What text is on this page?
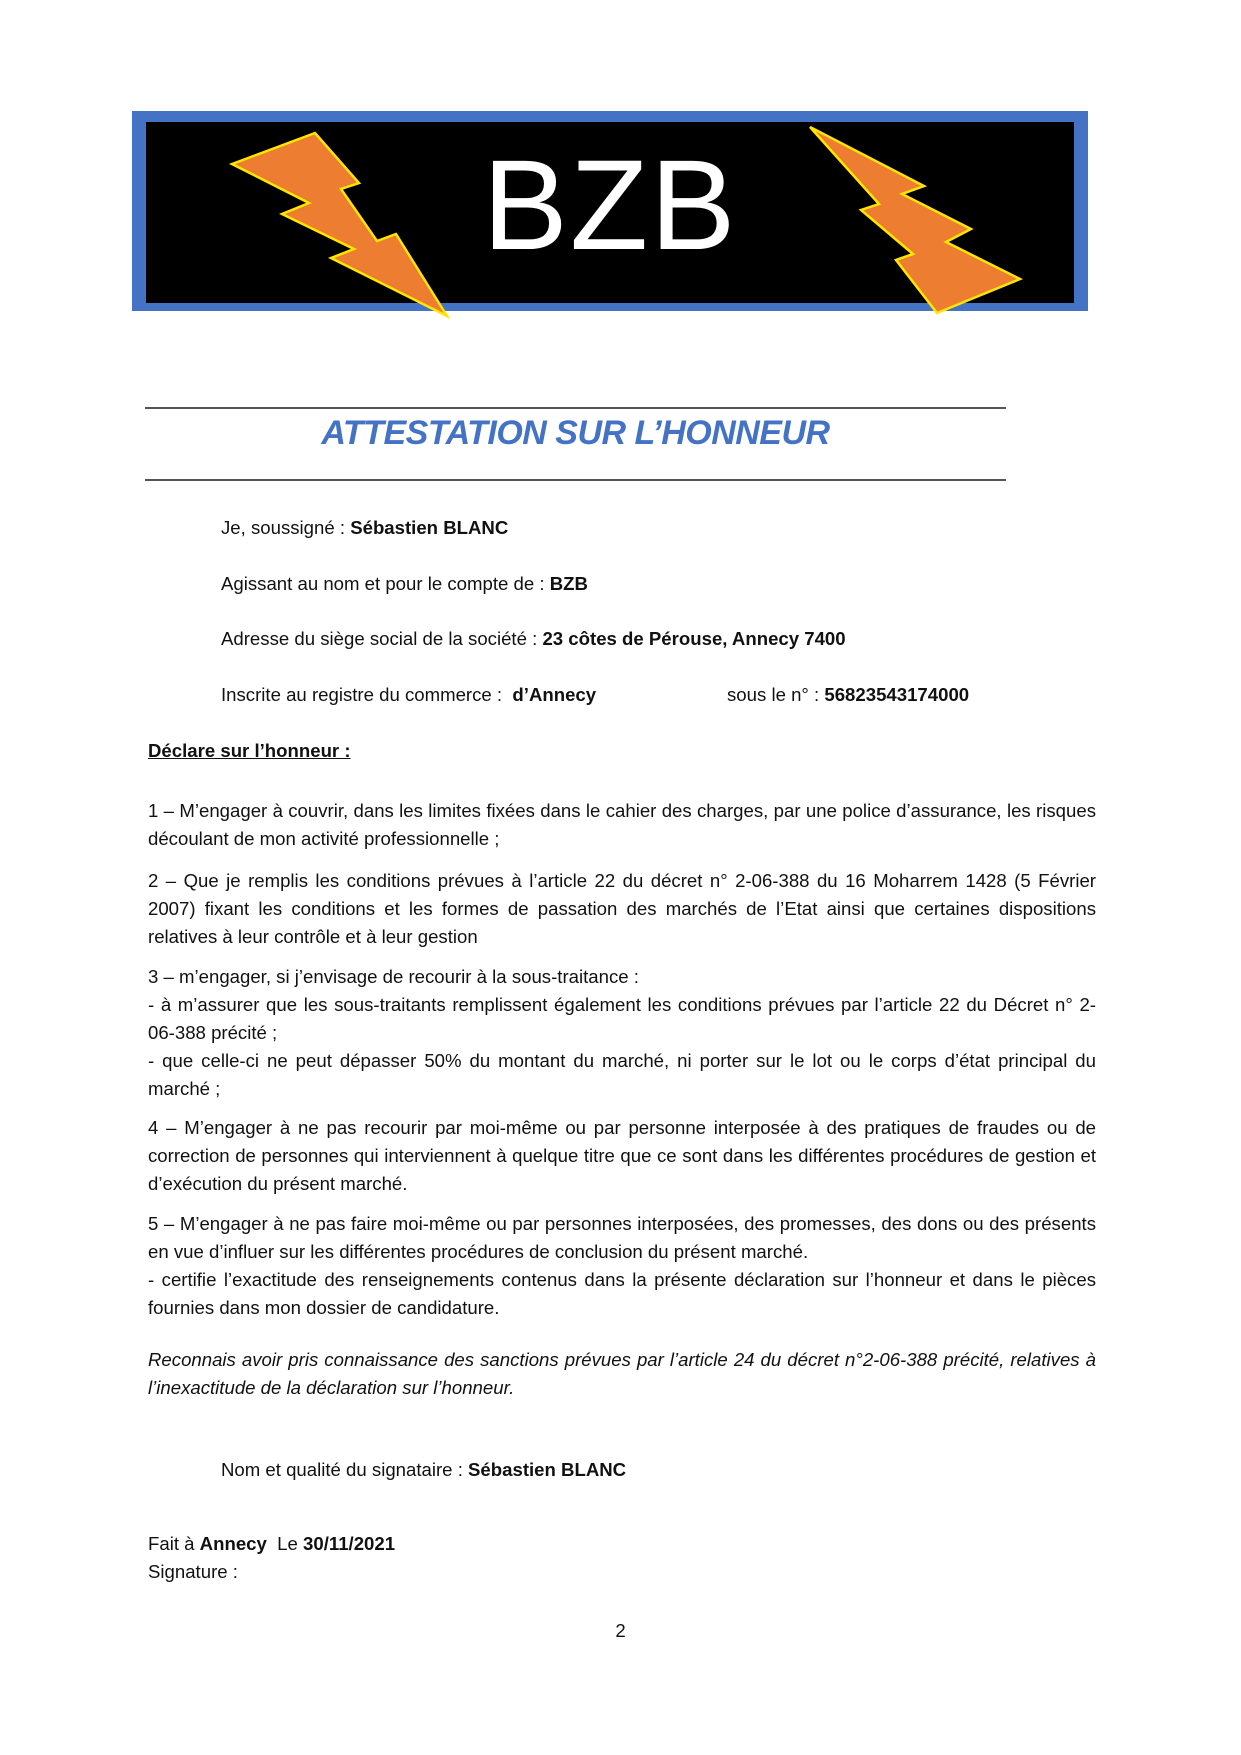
BZB
ATTESTATION SUR L’HONNEUR
Je, soussigné : Sébastien BLANC
Agissant au nom et pour le compte de : BZB
Adresse du siège social de la société : 23 côtes de Pérouse, Annecy 7400
Inscrite au registre du commerce :  d’Annecy	sous le n° : 56823543174000
Déclare sur l’honneur :
1 – M’engager à couvrir, dans les limites fixées dans le cahier des charges, par une police d’assurance, les risques découlant de mon activité professionnelle ;
2 – Que je remplis les conditions prévues à l’article 22 du décret n° 2-06-388 du 16 Moharrem 1428 (5 Février 2007) fixant les conditions et les formes de passation des marchés de l’Etat ainsi que certaines dispositions relatives à leur contrôle et à leur gestion
3 – m’engager, si j’envisage de recourir à la sous-traitance :
- à m’assurer que les sous-traitants remplissent également les conditions prévues par l’article 22 du Décret n° 2-06-388 précité ;
- que celle-ci ne peut dépasser 50% du montant du marché, ni porter sur le lot ou le corps d’état principal du marché ;
4 – M’engager à ne pas recourir par moi-même ou par personne interposée à des pratiques de fraudes ou de correction de personnes qui interviennent à quelque titre que ce sont dans les différentes procédures de gestion et d’exécution du présent marché.
5 – M’engager à ne pas faire moi-même ou par personnes interposées, des promesses, des dons ou des présents en vue d’influer sur les différentes procédures de conclusion du présent marché.
- certifie l’exactitude des renseignements contenus dans la présente déclaration sur l’honneur et dans le pièces fournies dans mon dossier de candidature.
Reconnais avoir pris connaissance des sanctions prévues par l’article 24 du décret n°2-06-388 précité, relatives à l’inexactitude de la déclaration sur l’honneur.
Nom et qualité du signataire : Sébastien BLANC
Fait à Annecy  Le 30/11/2021
Signature :
2
